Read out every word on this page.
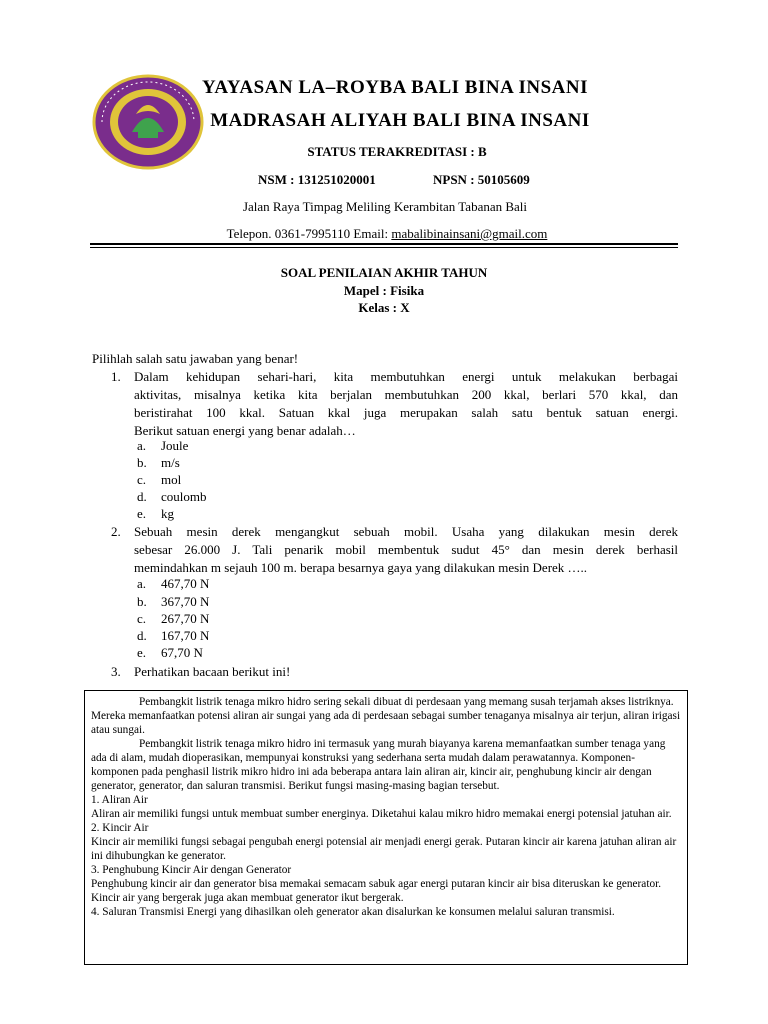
YAYASAN LA–ROYBA BALI BINA INSANI
MADRASAH ALIYAH BALI BINA INSANI
STATUS TERAKREDITASI : B
NSM : 131251020001	NPSN : 50105609
Jalan Raya Timpag Meliling Kerambitan Tabanan Bali
Telepon. 0361-7995110 Email: mabalibinainsani@gmail.com
SOAL PENILAIAN AKHIR TAHUN
Mapel : Fisika
Kelas : X
Pilihlah salah satu jawaban yang benar!
1. Dalam kehidupan sehari-hari, kita membutuhkan energi untuk melakukan berbagai
aktivitas, misalnya ketika kita berjalan membutuhkan 200 kkal, berlari 570 kkal, dan
beristirahat 100 kkal. Satuan kkal juga merupakan salah satu bentuk satuan energi.
Berikut satuan energi yang benar adalah…
a. Joule
b. m/s
c. mol
d. coulomb
e. kg
2. Sebuah mesin derek mengangkut sebuah mobil. Usaha yang dilakukan mesin derek
sebesar 26.000 J. Tali penarik mobil membentuk sudut 45° dan mesin derek berhasil
memindahkan m sejauh 100 m. berapa besarnya gaya yang dilakukan mesin Derek …..
a. 467,70 N
b. 367,70 N
c. 267,70 N
d. 167,70 N
e. 67,70 N
3. Perhatikan bacaan berikut ini!

Pembangkit listrik tenaga mikro hidro sering sekali dibuat di perdesaan yang memang susah terjamah akses listriknya. Mereka memanfaatkan potensi aliran air sungai yang ada di perdesaan sebagai sumber tenaganya misalnya air terjun, aliran irigasi atau sungai.

Pembangkit listrik tenaga mikro hidro ini termasuk yang murah biayanya karena memanfaatkan sumber tenaga yang ada di alam, mudah dioperasikan, mempunyai konstruksi yang sederhana serta mudah dalam perawatannya. Komponen-komponen pada penghasil listrik mikro hidro ini ada beberapa antara lain aliran air, kincir air, penghubung kincir air dengan generator, generator, dan saluran transmisi. Berikut fungsi masing-masing bagian tersebut.

1. Aliran Air

Aliran air memiliki fungsi untuk membuat sumber energinya. Diketahui kalau mikro hidro memakai energi potensial jatuhan air.

2. Kincir Air

Kincir air memiliki fungsi sebagai pengubah energi potensial air menjadi energi gerak. Putaran kincir air karena jatuhan aliran air ini dihubungkan ke generator.

3. Penghubung Kincir Air dengan Generator

Penghubung kincir air dan generator bisa memakai semacam sabuk agar energi putaran kincir air bisa diteruskan ke generator. Kincir air yang bergerak juga akan membuat generator ikut bergerak.

4. Saluran Transmisi Energi yang dihasilkan oleh generator akan disalurkan ke konsumen melalui saluran transmisi.
